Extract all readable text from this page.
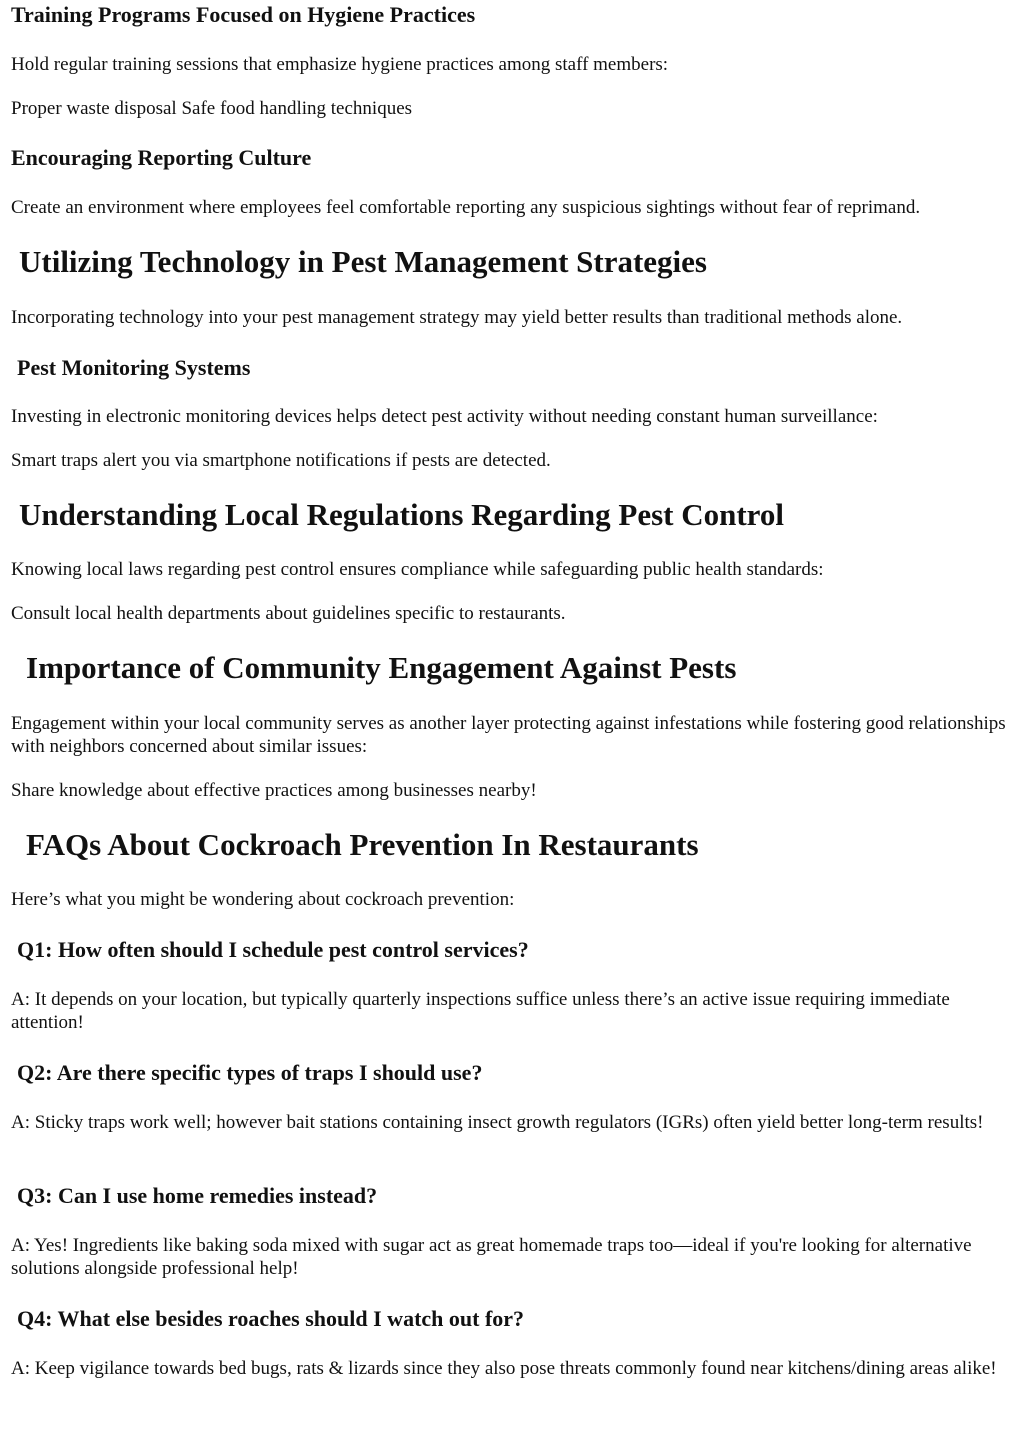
Training Programs Focused on Hygiene Practices

Hold regular training sessions that emphasize hygiene practices among staff members:

Proper waste disposal Safe food handling techniques

Encouraging Reporting Culture

Create an environment where employees feel comfortable reporting any suspicious sightings without fear of reprimand.

Utilizing Technology in Pest Management Strategies

Incorporating technology into your pest management strategy may yield better results than traditional methods alone.

Pest Monitoring Systems

Investing in electronic monitoring devices helps detect pest activity without needing constant human surveillance:

Smart traps alert you via smartphone notifications if pests are detected.

Understanding Local Regulations Regarding Pest Control

Knowing local laws regarding pest control ensures compliance while safeguarding public health standards:

Consult local health departments about guidelines specific to restaurants.

Importance of Community Engagement Against Pests

Engagement within your local community serves as another layer protecting against infestations while fostering good relationships with neighbors concerned about similar issues:

Share knowledge about effective practices among businesses nearby!

FAQs About Cockroach Prevention In Restaurants

Here’s what you might be wondering about cockroach prevention:

Q1: How often should I schedule pest control services?

A: It depends on your location, but typically quarterly inspections suffice unless there’s an active issue requiring immediate attention!

Q2: Are there specific types of traps I should use?

A: Sticky traps work well; however bait stations containing insect growth regulators (IGRs) often yield better long-term results!

Q3: Can I use home remedies instead?

A: Yes! Ingredients like baking soda mixed with sugar act as great homemade traps too—ideal if you're looking for alternative solutions alongside professional help!

Q4: What else besides roaches should I watch out for?

A: Keep vigilance towards bed bugs, rats & lizards since they also pose threats commonly found near kitchens/dining areas alike!
